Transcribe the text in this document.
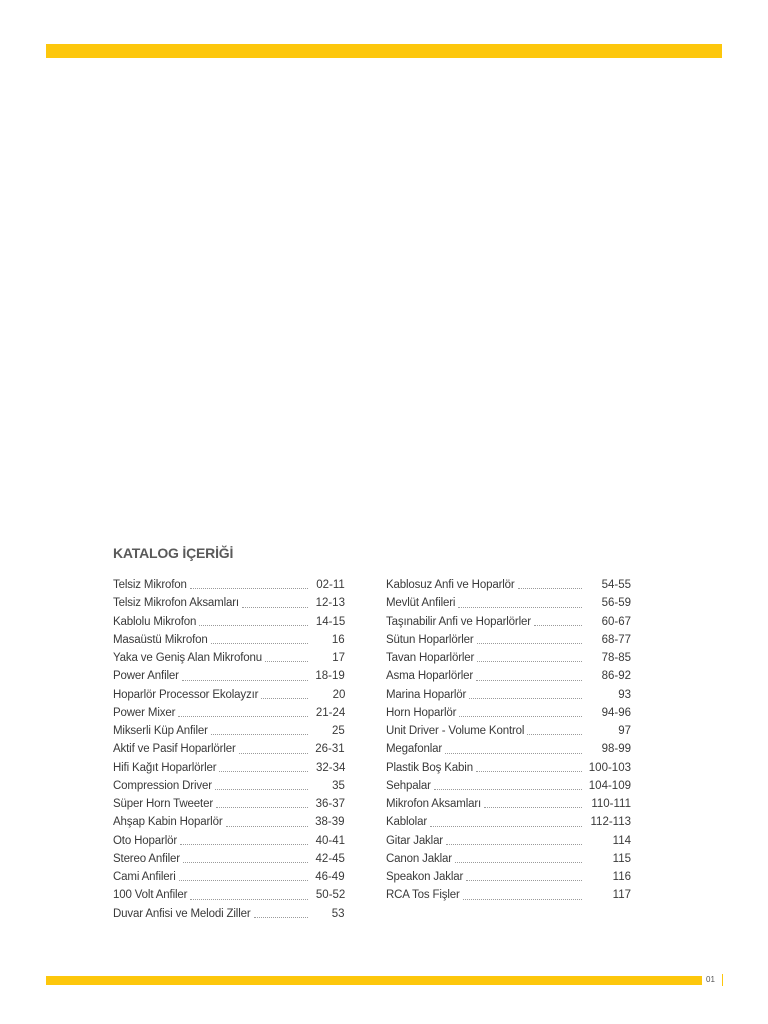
KATALOG İÇERİĞİ
Telsiz Mikrofon	02-11
Telsiz Mikrofon Aksamları	12-13
Kablolu Mikrofon	14-15
Masaüstü Mikrofon	16
Yaka ve Geniş Alan Mikrofonu	17
Power Anfiler	18-19
Hoparlör Processor Ekolayzır	20
Power Mixer	21-24
Mikserli Küp Anfiler	25
Aktif ve Pasif Hoparlörler	26-31
Hifi Kağıt Hoparlörler	32-34
Compression Driver	35
Süper Horn Tweeter	36-37
Ahşap Kabin Hoparlör	38-39
Oto Hoparlör	40-41
Stereo Anfiler	42-45
Cami Anfileri	46-49
100 Volt Anfiler	50-52
Duvar Anfisi ve Melodi Ziller	53
Kablosuz Anfi ve Hoparlör	54-55
Mevlüt Anfileri	56-59
Taşınabilir Anfi ve Hoparlörler	60-67
Sütun Hoparlörler	68-77
Tavan Hoparlörler	78-85
Asma Hoparlörler	86-92
Marina Hoparlör	93
Horn Hoparlör	94-96
Unit Driver - Volume Kontrol	97
Megafonlar	98-99
Plastik Boş Kabin	100-103
Sehpalar	104-109
Mikrofon Aksamları	110-111
Kablolar	112-113
Gitar Jaklar	114
Canon Jaklar	115
Speakon Jaklar	116
RCA Tos Fişler	117
01
